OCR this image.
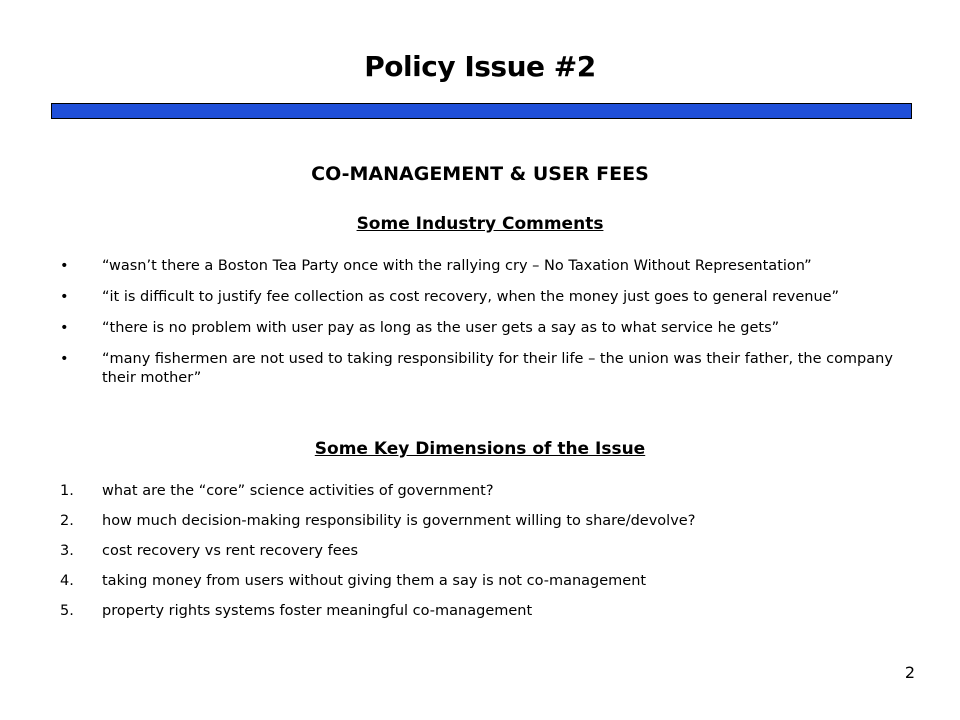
Policy Issue #2
CO-MANAGEMENT & USER FEES
Some Industry Comments
• “wasn’t there a Boston Tea Party once with the rallying cry – No Taxation Without Representation”
• “it is difficult to justify fee collection as cost recovery, when the money just goes to general revenue”
• “there is no problem with user pay as long as the user gets a say as to what service he gets”
• “many fishermen are not used to taking responsibility for their life – the union was their father, the company their mother”
Some Key Dimensions of the Issue
1. what are the “core” science activities of government?
2. how much decision-making responsibility is government willing to share/devolve?
3. cost recovery vs rent recovery fees
4. taking money from users without giving them a say is not co-management
5. property rights systems foster meaningful co-management
2
